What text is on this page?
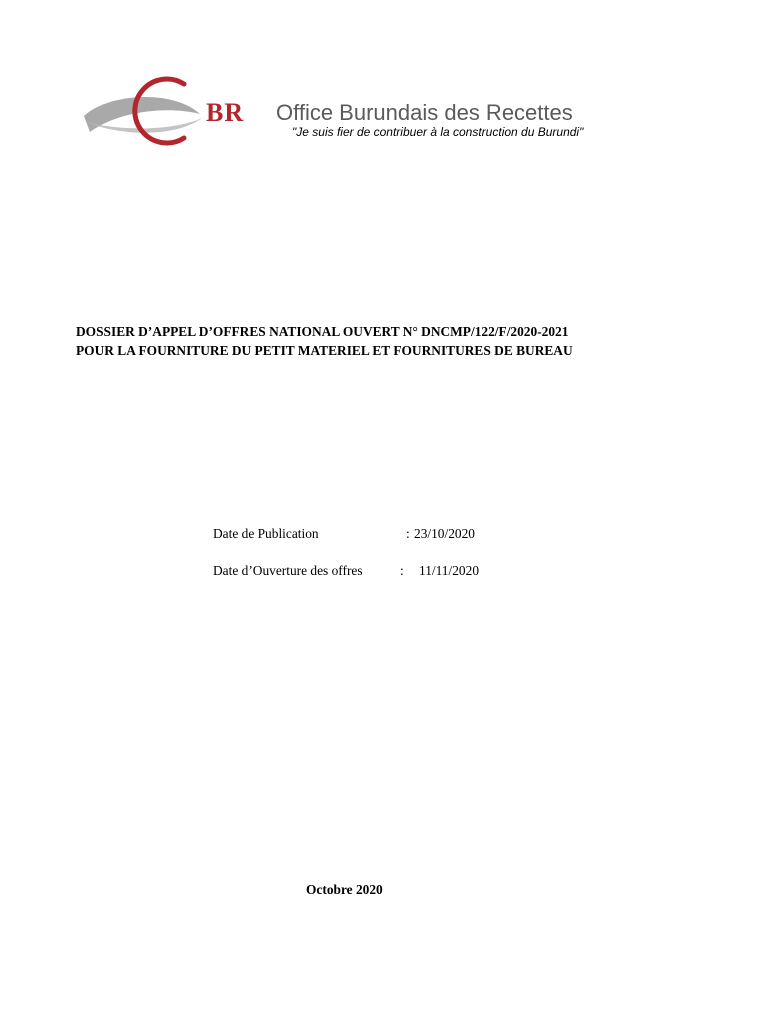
BR Office Burundais des Recettes
"Je suis fier de contribuer à la construction du Burundi"
DOSSIER D’APPEL D’OFFRES NATIONAL OUVERT N° DNCMP/122/F/2020-2021
POUR LA FOURNITURE DU PETIT MATERIEL ET FOURNITURES DE BUREAU
Date de Publication	: 23/10/2020
Date d’Ouverture des offres	: 11/11/2020
Octobre 2020
